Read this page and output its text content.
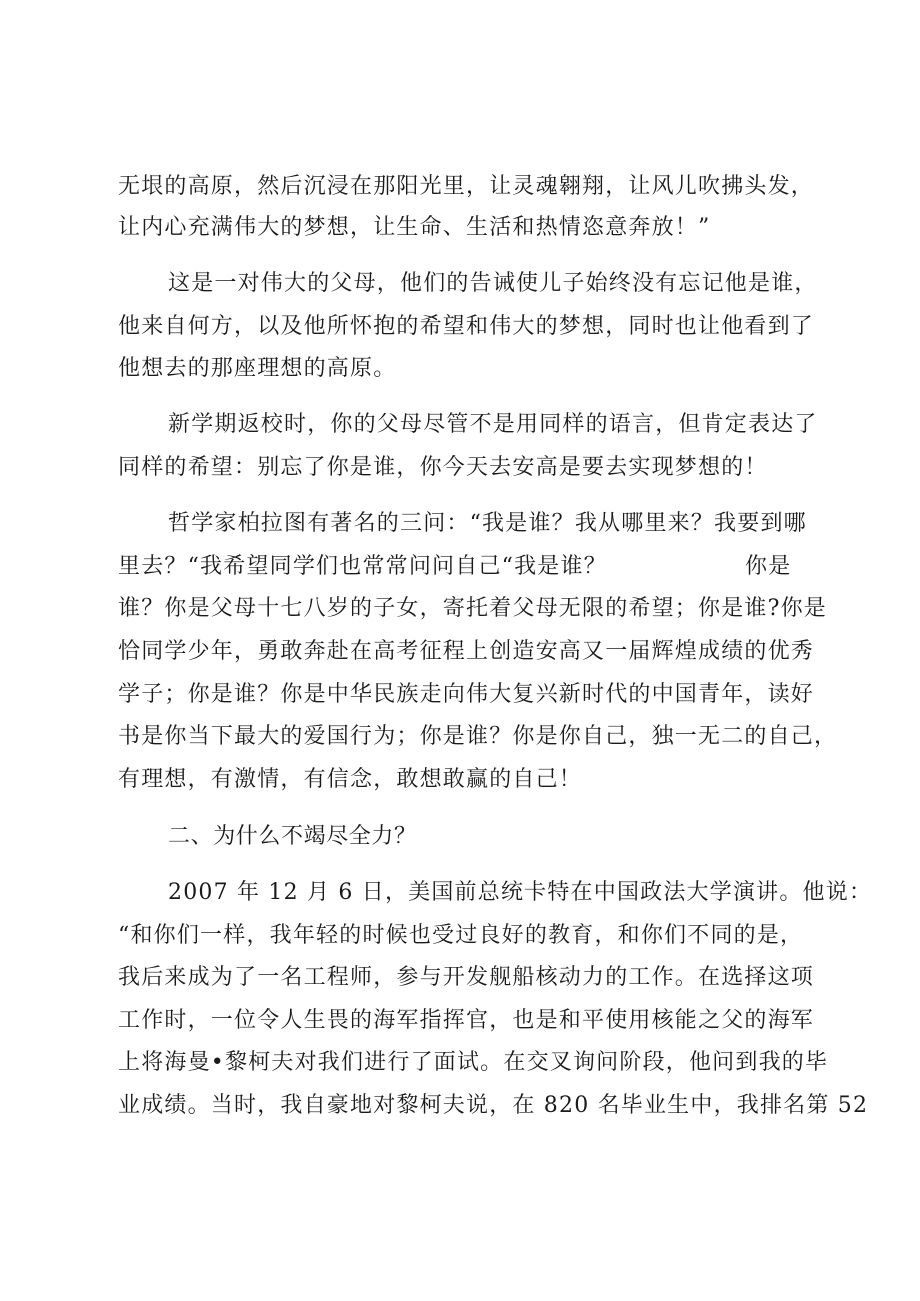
无垠的高原，然后沉浸在那阳光里，让灵魂翱翔，让风儿吹拂头发，

让内心充满伟大的梦想，让生命、生活和热情恣意奔放！”

这是一对伟大的父母，他们的告诫使儿子始终没有忘记他是谁，

他来自何方，以及他所怀抱的希望和伟大的梦想，同时也让他看到了

他想去的那座理想的高原。

新学期返校时，你的父母尽管不是用同样的语言，但肯定表达了

同样的希望：别忘了你是谁，你今天去安高是要去实现梦想的！

哲学家柏拉图有著名的三问：“我是谁？我从哪里来？我要到哪

里去？“我希望同学们也常常问问自己“我是谁？	你是

谁？你是父母十七八岁的子女，寄托着父母无限的希望；你是谁?你是

恰同学少年，勇敢奔赴在高考征程上创造安高又一届辉煌成绩的优秀

学子；你是谁？你是中华民族走向伟大复兴新时代的中国青年，读好

书是你当下最大的爱国行为；你是谁？你是你自己，独一无二的自己，

有理想，有激情，有信念，敢想敢赢的自己！

二、为什么不竭尽全力？

2007 年 12 月 6 日，美国前总统卡特在中国政法大学演讲。他说：

“和你们一样，我年轻的时候也受过良好的教育，和你们不同的是，

我后来成为了一名工程师，参与开发舰船核动力的工作。在选择这项

工作时，一位令人生畏的海军指挥官，也是和平使用核能之父的海军

上将海曼•黎柯夫对我们进行了面试。在交叉询问阶段，他问到我的毕

业成绩。当时，我自豪地对黎柯夫说，在 820 名毕业生中，我排名第 52
